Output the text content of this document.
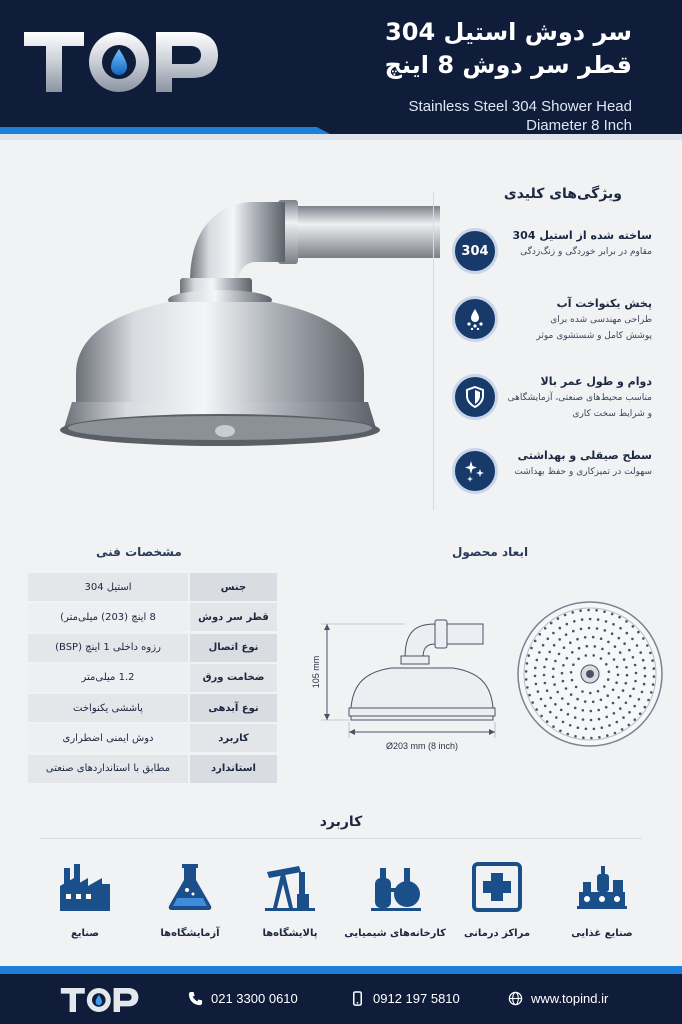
سر دوش استیل 304
قطر سر دوش 8 اینچ
Stainless Steel 304 Shower Head
Diameter 8 Inch
ویژگی‌های کلیدی
304
ساخته شده از استیل 304
مقاوم در برابر خوردگی و زنگ‌زدگی
پخش یکنواخت آب
طراحی مهندسی شده برای
پوشش کامل و شستشوی موثر
دوام و طول عمر بالا
مناسب محیط‌های صنعتی، آزمایشگاهی
و شرایط سخت کاری
سطح صیقلی و بهداشتی
سهولت در تمیزکاری و حفظ بهداشت
مشخصات فنی
استیل 304	جنس
8 اینچ (203) میلی‌متر)	قطر سر دوش
رزوه داخلی 1 اینچ (BSP)	نوع اتصال
1.2 میلی‌متر	ضخامت ورق
پاششی یکنواخت	نوع آبدهی
دوش ایمنی اضطراری	کاربرد
مطابق با استانداردهای صنعتی	استاندارد
ابعاد محصول
Ø203 mm (8 inch)
105 mm
کاربرد
صنایع غذایی
مراکز درمانی
کارخانه‌های شیمیایی
پالایشگاه‌ها
آزمایشگاه‌ها
صنایع
021 3300 0610	0912 197 5810	www.topind.ir
